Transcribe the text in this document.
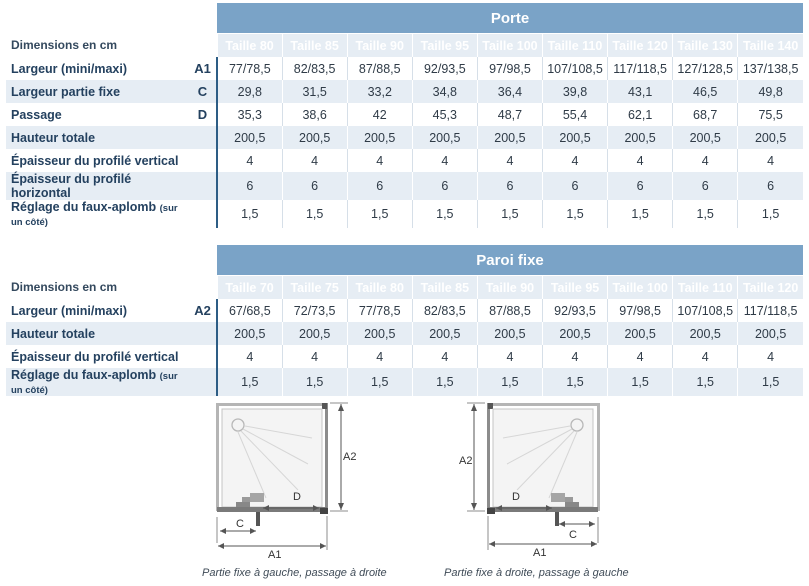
		Porte								
Dimensions en cm		Taille 80	Taille 85	Taille 90	Taille 95	Taille 100	Taille 110	Taille 120	Taille 130	Taille 140
Largeur (mini/maxi)	A1	77/78,5	82/83,5	87/88,5	92/93,5	97/98,5	107/108,5	117/118,5	127/128,5	137/138,5
Largeur partie fixe	C	29,8	31,5	33,2	34,8	36,4	39,8	43,1	46,5	49,8
Passage	D	35,3	38,6	42	45,3	48,7	55,4	62,1	68,7	75,5
Hauteur totale		200,5	200,5	200,5	200,5	200,5	200,5	200,5	200,5	200,5
Épaisseur du profilé vertical		4	4	4	4	4	4	4	4	4
Épaisseur du profilé horizontal		6	6	6	6	6	6	6	6	6
Réglage du faux-aplomb (sur un côté)		1,5	1,5	1,5	1,5	1,5	1,5	1,5	1,5	1,5
		Paroi fixe								
Dimensions en cm		Taille 70	Taille 75	Taille 80	Taille 85	Taille 90	Taille 95	Taille 100	Taille 110	Taille 120
Largeur (mini/maxi)	A2	67/68,5	72/73,5	77/78,5	82/83,5	87/88,5	92/93,5	97/98,5	107/108,5	117/118,5
Hauteur totale		200,5	200,5	200,5	200,5	200,5	200,5	200,5	200,5	200,5
Épaisseur du profilé vertical		4	4	4	4	4	4	4	4	4
Réglage du faux-aplomb (sur un côté)		1,5	1,5	1,5	1,5	1,5	1,5	1,5	1,5	1,5
A2
D
C
A1
Partie fixe à gauche, passage à droite
A2
D
C
A1
Partie fixe à droite, passage à gauche
